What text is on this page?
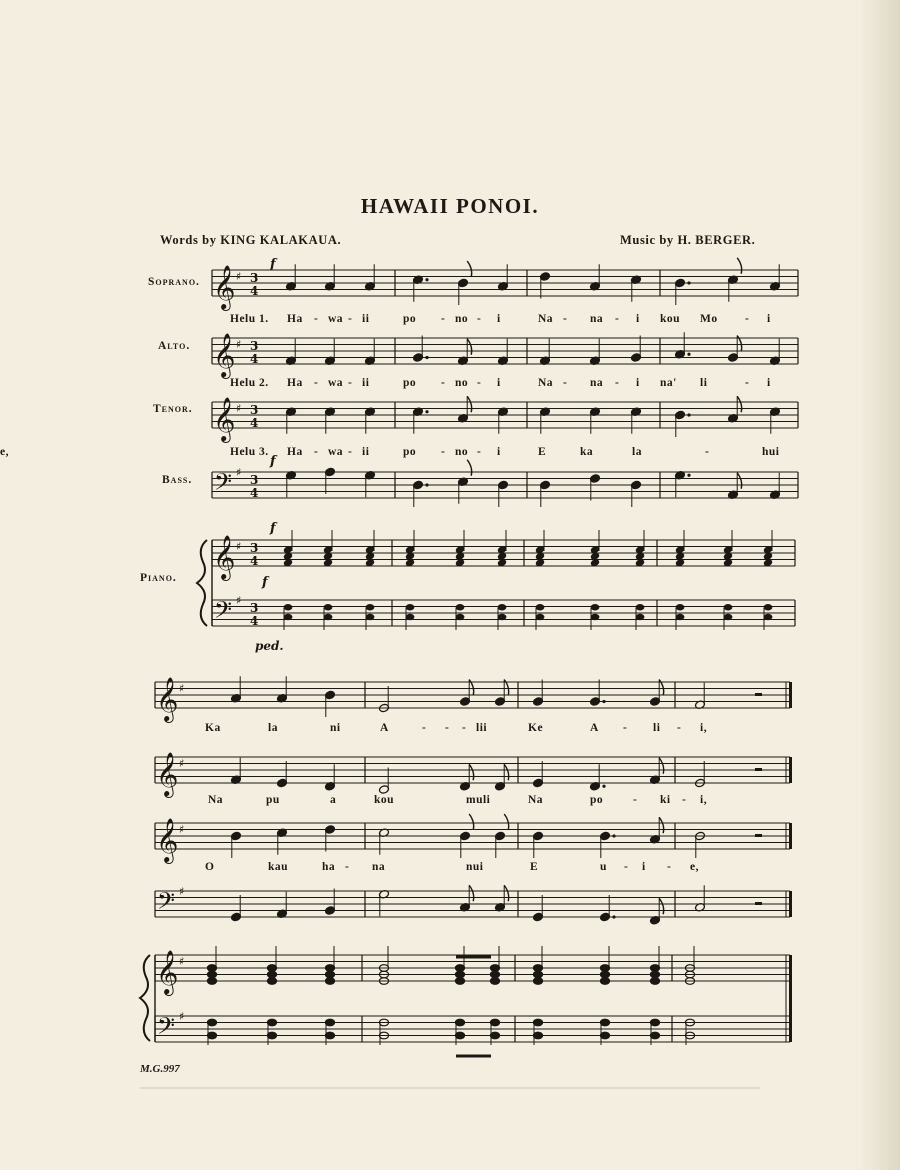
𝄞 ♯ 3
4
𝄞 ♯ 3
4
𝄞 ♯ 3
4
𝄢 ♯
3
4
f
f
𝄞 ♯ 3
4
𝄢 ♯
3
4
f
f
ped.
𝄞 ♯
𝄞 ♯
𝄞 ♯
𝄢 ♯
𝄞 ♯
𝄢 ♯
HAWAII PONOI.
Words by KING KALAKAUA.	Music by H. BERGER.
Soprano.
Alto.
Tenor.
Bass.
Piano.
Helu 1. Ha - wa - ii	po - no - i	Na - na - i kou Mo - i
Helu 2. Ha - wa - ii	po - no - i	Na - na - i na' li	- i
Helu 3. Ha - wa - ii	po - no - i	E	ka	la	-	hui
e,
Ka	la	ni	A	- - - lii	Ke	A - li - i,
Na	pu	a	kou	muli	Na	po	- ki - i,
O	kau	ha - na	nui	E	u - i - e,
M.G.997
